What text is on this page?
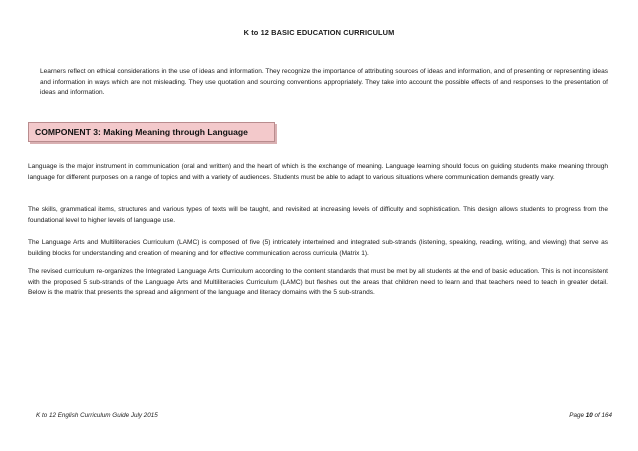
K to 12 BASIC EDUCATION CURRICULUM

Learners reflect on ethical considerations in the use of ideas and information. They recognize the importance of attributing sources of ideas and information, and of presenting or representing ideas and information in ways which are not misleading. They use quotation and sourcing conventions appropriately. They take into account the possible effects of and responses to the presentation of ideas and information.

COMPONENT 3: Making Meaning through Language

Language is the major instrument in communication (oral and written) and the heart of which is the exchange of meaning. Language learning should focus on guiding students make meaning through language for different purposes on a range of topics and with a variety of audiences. Students must be able to adapt to various situations where communication demands greatly vary.

The skills, grammatical items, structures and various types of texts will be taught, and revisited at increasing levels of difficulty and sophistication. This design allows students to progress from the foundational level to higher levels of language use.

The Language Arts and Multiliteracies Curriculum (LAMC) is composed of five (5) intricately intertwined and integrated sub-strands (listening, speaking, reading, writing, and viewing) that serve as building blocks for understanding and creation of meaning and for effective communication across curricula (Matrix 1).

The revised curriculum re-organizes the Integrated Language Arts Curriculum according to the content standards that must be met by all students at the end of basic education. This is not inconsistent with the proposed 5 sub-strands of the Language Arts and Multiliteracies Curriculum (LAMC) but fleshes out the areas that children need to learn and that teachers need to teach in greater detail. Below is the matrix that presents the spread and alignment of the language and literacy domains with the 5 sub-strands.

K to 12 English Curriculum Guide July 2015	Page 10 of 164
